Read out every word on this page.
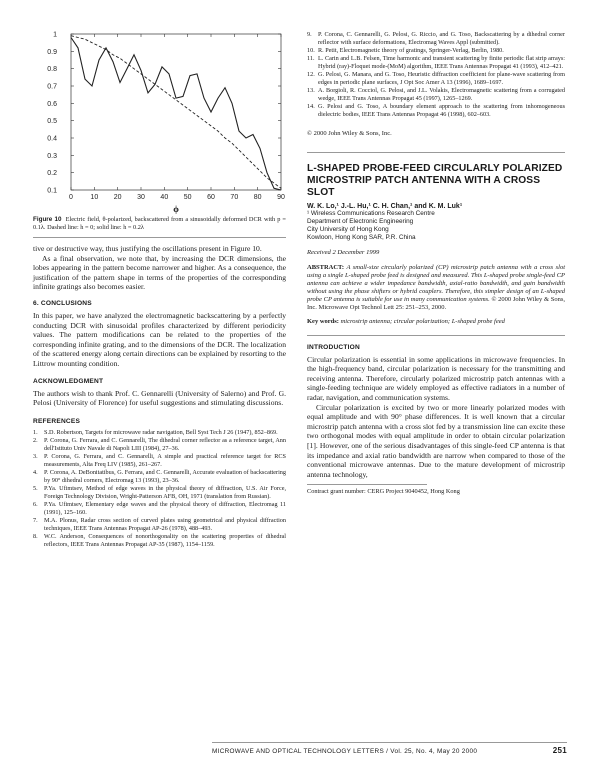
0 10 20 30 40 50 60 70 80 90
0.1
0.2
0.3
0.4
0.5
0.6
0.7
0.8
0.9
1
ϕ
Figure 10 Electric field, θ-polarized, backscattered from a sinusoidally deformed DCR with p = 0.1λ. Dashed line: h = 0; solid line: h = 0.2λ

tive or destructive way, thus justifying the oscillations present in Figure 10.

As a final observation, we note that, by increasing the DCR dimensions, the lobes appearing in the pattern become narrower and higher. As a consequence, the justification of the pattern shape in terms of the properties of the corresponding infinite gratings also becomes easier.

6. CONCLUSIONS

In this paper, we have analyzed the electromagnetic backscattering by a perfectly conducting DCR with sinusoidal profiles characterized by different periodicity values. The pattern modifications can be related to the properties of the corresponding infinite grating, and to the dimensions of the DCR. The localization of the scattered energy along certain directions can be explained by resorting to the Littrow mounting condition.

ACKNOWLEDGMENT

The authors wish to thank Prof. C. Gennarelli (University of Salerno) and Prof. G. Pelosi (University of Florence) for useful suggestions and stimulating discussions.

REFERENCES
1.	S.D. Robertson, Targets for microwave radar navigation, Bell Syst Tech J 26 (1947), 852–869.
2.	P. Corona, G. Ferrara, and C. Gennarelli, The dihedral corner reflector as a reference target, Ann dell'Istituto Univ Navale di Napoli LIII (1984), 27–36.
3.	P. Corona, G. Ferrara, and C. Gennarelli, A simple and practical reference target for RCS measurements, Alta Freq LIV (1985), 261–267.
4.	P. Corona, A. DeBonitatibus, G. Ferrara, and C. Gennarelli, Accurate evaluation of backscattering by 90° dihedral corners, Electromag 13 (1993), 23–36.
5.	P.Ya. Ufimtsev, Method of edge waves in the physical theory of diffraction, U.S. Air Force, Foreign Technology Division, Wright-Patterson AFB, OH, 1971 (translation from Russian).
6.	P.Ya. Ufimtsev, Elementary edge waves and the physical theory of diffraction, Electromag 11 (1991), 125–160.
7.	M.A. Plonus, Radar cross section of curved plates using geometrical and physical diffraction techniques, IEEE Trans Antennas Propagat AP-26 (1978), 488–493.
8.	W.C. Anderson, Consequences of nonorthogonality on the scattering properties of dihedral reflectors, IEEE Trans Antennas Propagat AP-35 (1987), 1154–1159.
9.	P. Corona, C. Gennarelli, G. Pelosi, G. Riccio, and G. Toso, Backscattering by a dihedral corner reflector with surface deformations, Electromag Waves Appl (submitted).
10. R. Petit, Electromagnetic theory of gratings, Springer-Verlag, Berlin, 1980.
11. L. Carin and L.B. Felsen, Time harmonic and transient scattering by finite periodic flat strip arrays: Hybrid (ray)-Floquet mode-(MoM) algorithm, IEEE Trans Antennas Propagat 41 (1993), 412–421.
12. G. Pelosi, G. Manara, and G. Toso, Heuristic diffraction coefficient for plane-wave scattering from edges in periodic plane surfaces, J Opt Soc Amer A 13 (1996), 1689–1697.
13. A. Borgioli, R. Cocciol, G. Pelosi, and J.L. Volakis, Electromagnetic scattering from a corrugated wedge, IEEE Trans Antennas Propagat 45 (1997), 1265–1269.
14. G. Pelosi and G. Toso, A boundary element approach to the scattering from inhomogeneous dielectric bodies, IEEE Trans Antennas Propagat 46 (1998), 602–603.

© 2000 John Wiley & Sons, Inc.

L-SHAPED PROBE-FEED CIRCULARLY POLARIZED MICROSTRIP PATCH ANTENNA WITH A CROSS SLOT
W. K. Lo,¹ J.-L. Hu,¹ C. H. Chan,¹ and K. M. Luk¹
¹ Wireless Communications Research Centre
Department of Electronic Engineering
City University of Hong Kong
Kowloon, Hong Kong SAR, P.R. China
Received 2 December 1999
ABSTRACT: A small-size circularly polarized (CP) microstrip patch antenna with a cross slot using a single L-shaped probe feed is designed and measured. This L-shaped probe single-feed CP antenna can achieve a wider impedance bandwidth, axial-ratio bandwidth, and gain bandwidth without using the phase shifters or hybrid couplers. Therefore, this simpler design of an L-shaped probe CP antenna is suitable for use in many communication systems. © 2000 John Wiley & Sons, Inc. Microwave Opt Technol Lett 25: 251–253, 2000.
Key words: microstrip antenna; circular polarization; L-shaped probe feed
INTRODUCTION

Circular polarization is essential in some applications in microwave frequencies. In the high-frequency band, circular polarization is necessary for the transmitting and receiving antenna. Therefore, circularly polarized microstrip patch antennas with a single-feeding technique are widely employed as effective radiators in a number of radar, navigation, and communication systems.

Circular polarization is excited by two or more linearly polarized modes with equal amplitude and with 90° phase differences. It is well known that a circular microstrip patch antenna with a cross slot fed by a transmission line can excite these two orthogonal modes with equal amplitude in order to obtain circular polarization [1]. However, one of the serious disadvantages of this single-feed CP antenna is that its impedance and axial ratio bandwidth are narrow when compared to those of the conventional microwave antennas. Due to the mature development of microstrip antenna technology,

Contract grant number: CERG Project 9040452, Hong Kong

MICROWAVE AND OPTICAL TECHNOLOGY LETTERS / Vol. 25, No. 4, May 20 2000	251
